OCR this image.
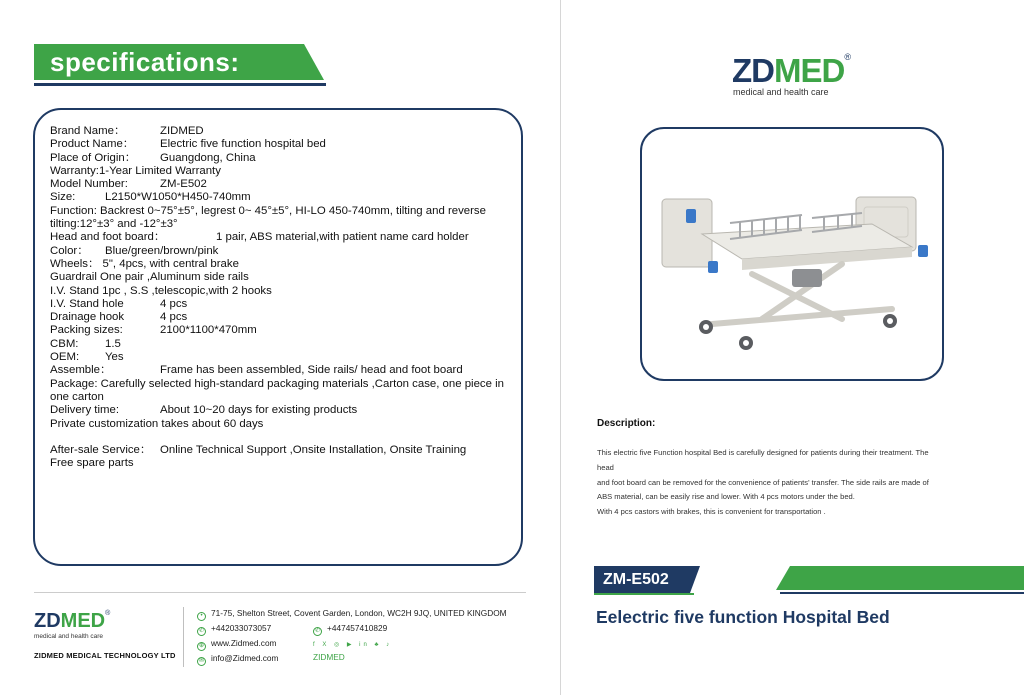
specifications:
Brand Name：	ZIDMED
Product Name： Electric five function hospital bed
Place of Origin： Guangdong, China
Warranty:1-Year Limited Warranty
Model Number:	ZM-E502
Size:	L2150*W1050*H450-740mm
Function: Backrest 0~75°±5°, legrest 0~ 45°±5°, HI-LO 450-740mm, tilting and reverse tilting:12°±3° and -12°±3°
Head and foot board：	1 pair, ABS material,with patient name card holder
Color： Blue/green/brown/pink
Wheels： 5", 4pcs, with central brake
Guardrail One pair ,Aluminum side rails
I.V. Stand 1pc , S.S ,telescopic,with 2 hooks
I.V. Stand hole	4 pcs
Drainage hook	4 pcs
Packing sizes:	2100*1100*470mm
CBM: 1.5
OEM: Yes
Assemble：	Frame has been assembled, Side rails/ head and foot board
Package: Carefully selected high-standard packaging materials ,Carton case, one piece in one carton
Delivery time:	About 10~20 days for existing products
Private customization takes about 60 days
After-sale Service： Online Technical Support ,Onsite Installation, Onsite Training
Free spare parts
ZDMED®
medical and health care
ZIDMED MEDICAL TECHNOLOGY LTD
• 71-75, Shelton Street, Covent Garden, London, WC2H 9JQ, UNITED KINGDOM
✆ +442033073057	✆ +447457410829
⊕ www.Zidmed.com	f X ◎ ▶ in ♣ ♪
✉ info@Zidmed.com	ZIDMED
ZDMED®
medical and health care
Description:
This electric five Function hospital Bed is carefully designed for patients during their treatment. The
head
and foot board can be removed for the convenience of patients' transfer. The side rails are made of
ABS material, can be easily rise and lower. With 4 pcs motors under the bed.
With 4 pcs castors with brakes, this is convenient for transportation .
ZM-E502
Eelectric five function Hospital Bed
